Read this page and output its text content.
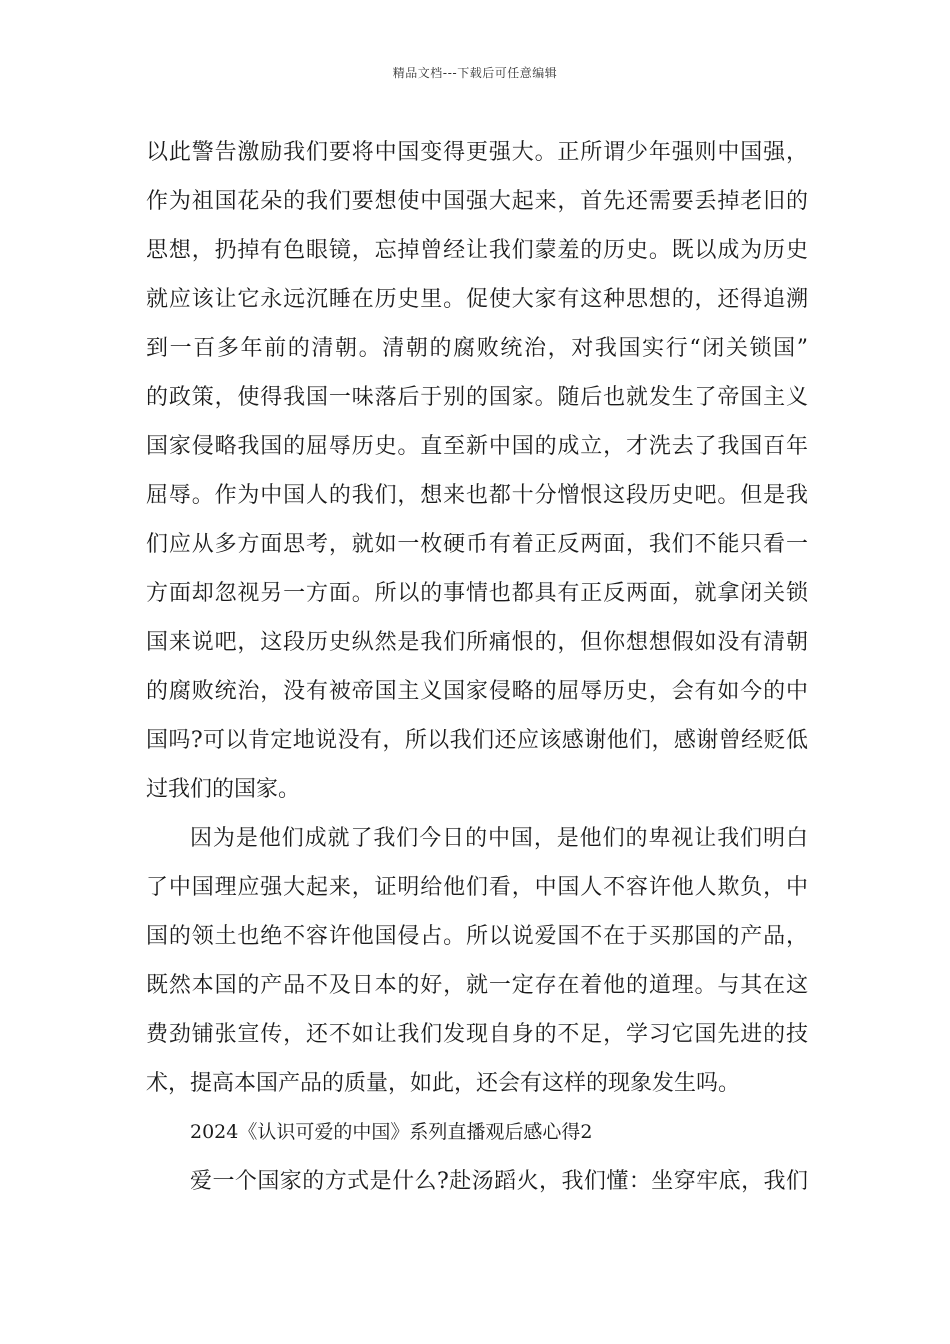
精品文档---下载后可任意编辑
以此警告激励我们要将中国变得更强大。正所谓少年强则中国强，
作为祖国花朵的我们要想使中国强大起来，首先还需要丢掉老旧的
思想，扔掉有色眼镜，忘掉曾经让我们蒙羞的历史。既以成为历史
就应该让它永远沉睡在历史里。促使大家有这种思想的，还得追溯
到一百多年前的清朝。清朝的腐败统治，对我国实行“闭关锁国”
的政策，使得我国一味落后于别的国家。随后也就发生了帝国主义
国家侵略我国的屈辱历史。直至新中国的成立，才洗去了我国百年
屈辱。作为中国人的我们，想来也都十分憎恨这段历史吧。但是我
们应从多方面思考，就如一枚硬币有着正反两面，我们不能只看一
方面却忽视另一方面。所以的事情也都具有正反两面，就拿闭关锁
国来说吧，这段历史纵然是我们所痛恨的，但你想想假如没有清朝
的腐败统治，没有被帝国主义国家侵略的屈辱历史，会有如今的中
国吗?可以肯定地说没有，所以我们还应该感谢他们，感谢曾经贬低
过我们的国家。
因为是他们成就了我们今日的中国，是他们的卑视让我们明白
了中国理应强大起来，证明给他们看，中国人不容许他人欺负，中
国的领土也绝不容许他国侵占。所以说爱国不在于买那国的产品，
既然本国的产品不及日本的好，就一定存在着他的道理。与其在这
费劲铺张宣传，还不如让我们发现自身的不足，学习它国先进的技
术，提高本国产品的质量，如此，还会有这样的现象发生吗。
2024《认识可爱的中国》系列直播观后感心得2
爱一个国家的方式是什么?赴汤蹈火，我们懂：坐穿牢底，我们
